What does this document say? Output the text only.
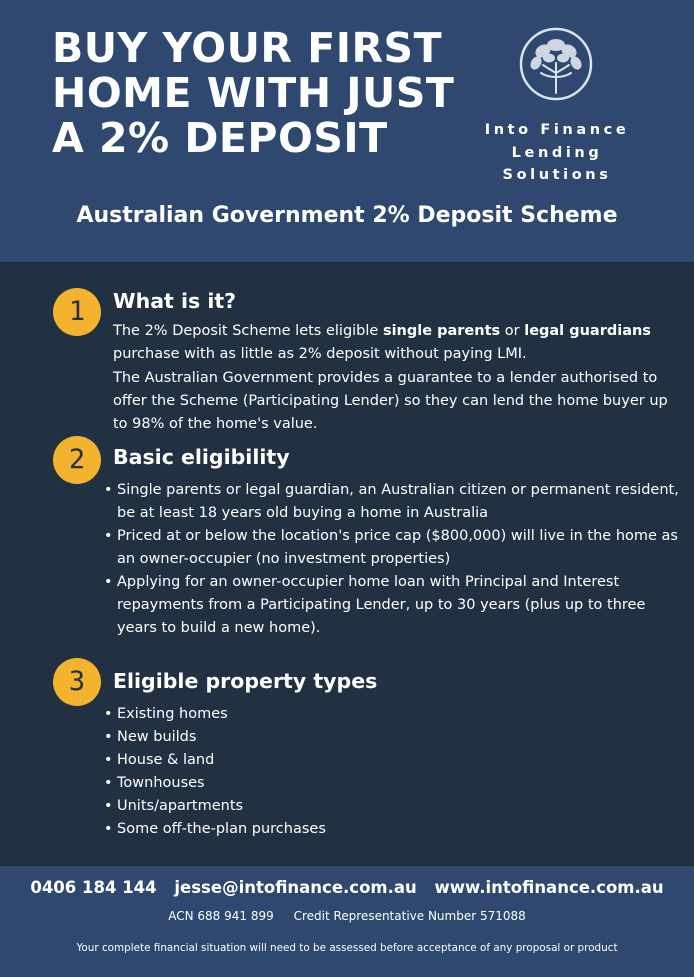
BUY YOUR FIRST
HOME WITH JUST
A 2% DEPOSIT	Into Finance
Lending
Solutions
Australian Government 2% Deposit Scheme
1	What is it?
The 2% Deposit Scheme lets eligible single parents or legal guardians purchase with as little as 2% deposit without paying LMI.
The Australian Government provides a guarantee to a lender authorised to offer the Scheme (Participating Lender) so they can lend the home buyer up to 98% of the home's value.
2	Basic eligibility
• Single parents or legal guardian, an Australian citizen or permanent resident, be at least 18 years old buying a home in Australia
• Priced at or below the location's price cap ($800,000) will live in the home as an owner-occupier (no investment properties)
• Applying for an owner-occupier home loan with Principal and Interest repayments from a Participating Lender, up to 30 years (plus up to three years to build a new home).
3	Eligible property types
• Existing homes
• New builds
• House & land
• Townhouses
• Units/apartments
• Some off-the-plan purchases
0406 184 144 jesse@intofinance.com.au www.intofinance.com.au
ACN 688 941 899 Credit Representative Number 571088
Your complete financial situation will need to be assessed before acceptance of any proposal or product
